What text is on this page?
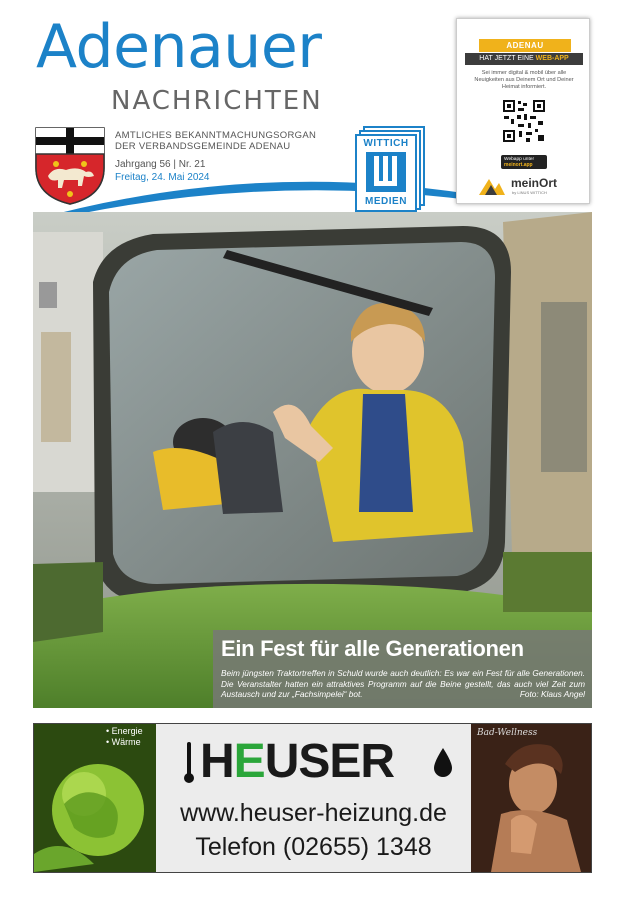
Adenauer
NACHRICHTEN
AMTLICHES BEKANNTMACHUNGSORGAN
DER VERBANDSGEMEINDE ADENAU
Jahrgang 56 | Nr. 21
Freitag, 24. Mai 2024
WITTICH
MEDIEN
ADENAU
HAT JETZT EINE WEB-APP
Sei immer digital & mobil über alle Neuigkeiten aus Deinem Ort und Deiner Heimat informiert.
Webapp unter
meinort.app
meinOrt
by LINUS WITTICH
Ein Fest für alle Generationen
Beim jüngsten Traktortreffen in Schuld wurde auch deutlich: Es war ein Fest für alle Generationen. Die Veranstalter hatten ein attraktives Programm auf die Beine gestellt, das auch viel Zeit zum Austausch und zur „Fachsimpelei“ bot.	Foto: Klaus Angel
• Energie
• Wärme HEUSER
www.heuser-heizung.de
Telefon (02655) 1348
Bad-Wellness
